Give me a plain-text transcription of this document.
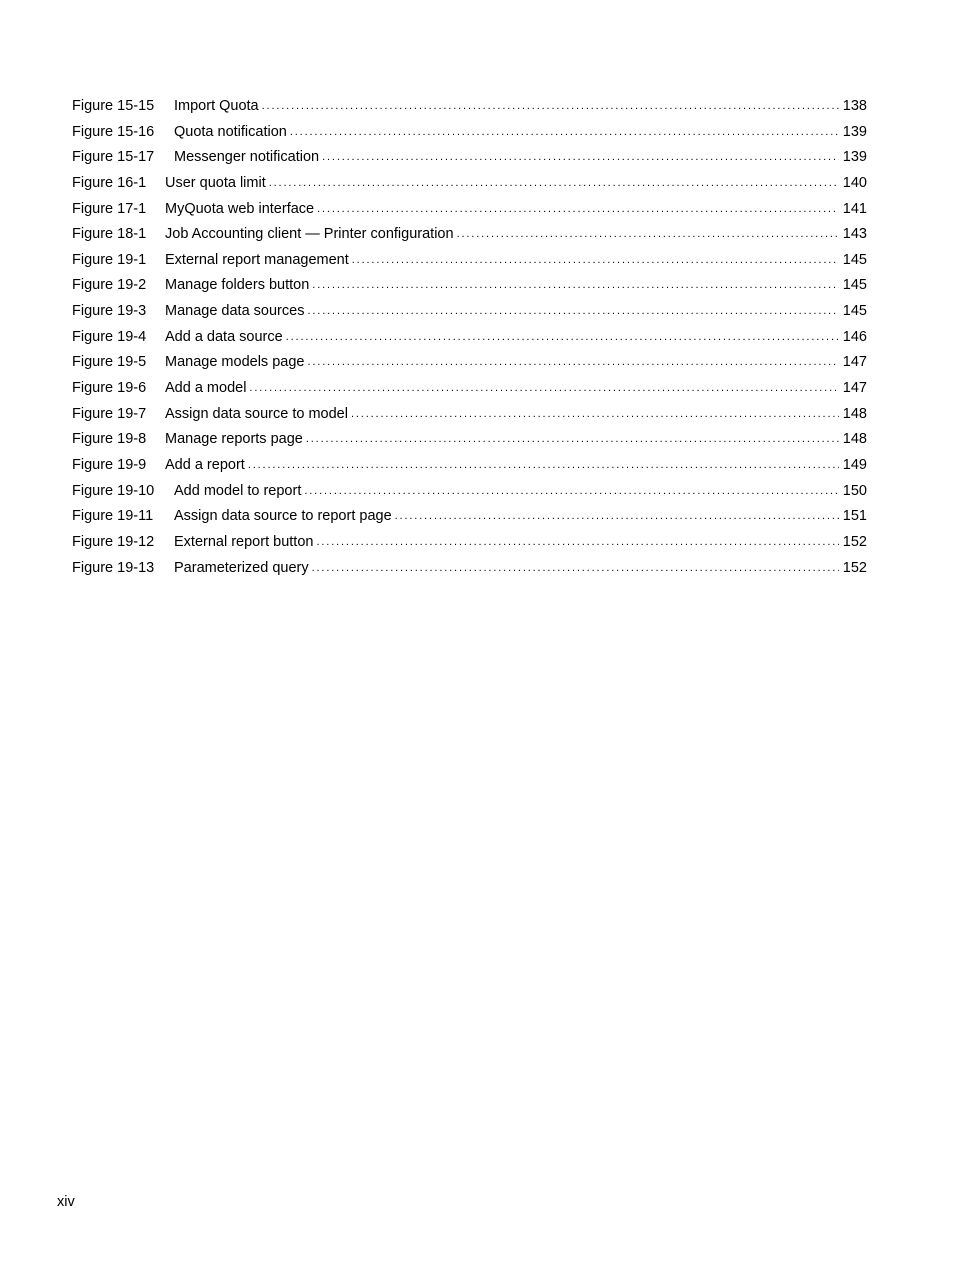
Figure 15-15	Import Quota . . .	138
Figure 15-16	Quota notification . . .	139
Figure 15-17	Messenger notification . . .	139
Figure 16-1	User quota limit . . .	140
Figure 17-1	MyQuota web interface . . .	141
Figure 18-1	Job Accounting client — Printer configuration . . .	143
Figure 19-1	External report management . . .	145
Figure 19-2	Manage folders button . . .	145
Figure 19-3	Manage data sources . . .	145
Figure 19-4	Add a data source . . .	146
Figure 19-5	Manage models page . . .	147
Figure 19-6	Add a model . . .	147
Figure 19-7	Assign data source to model . . .	148
Figure 19-8	Manage reports page . . .	148
Figure 19-9	Add a report . . .	149
Figure 19-10	Add model to report . . .	150
Figure 19-11	Assign data source to report page . . .	151
Figure 19-12	External report button . . .	152
Figure 19-13	Parameterized query . . .	152
xiv
